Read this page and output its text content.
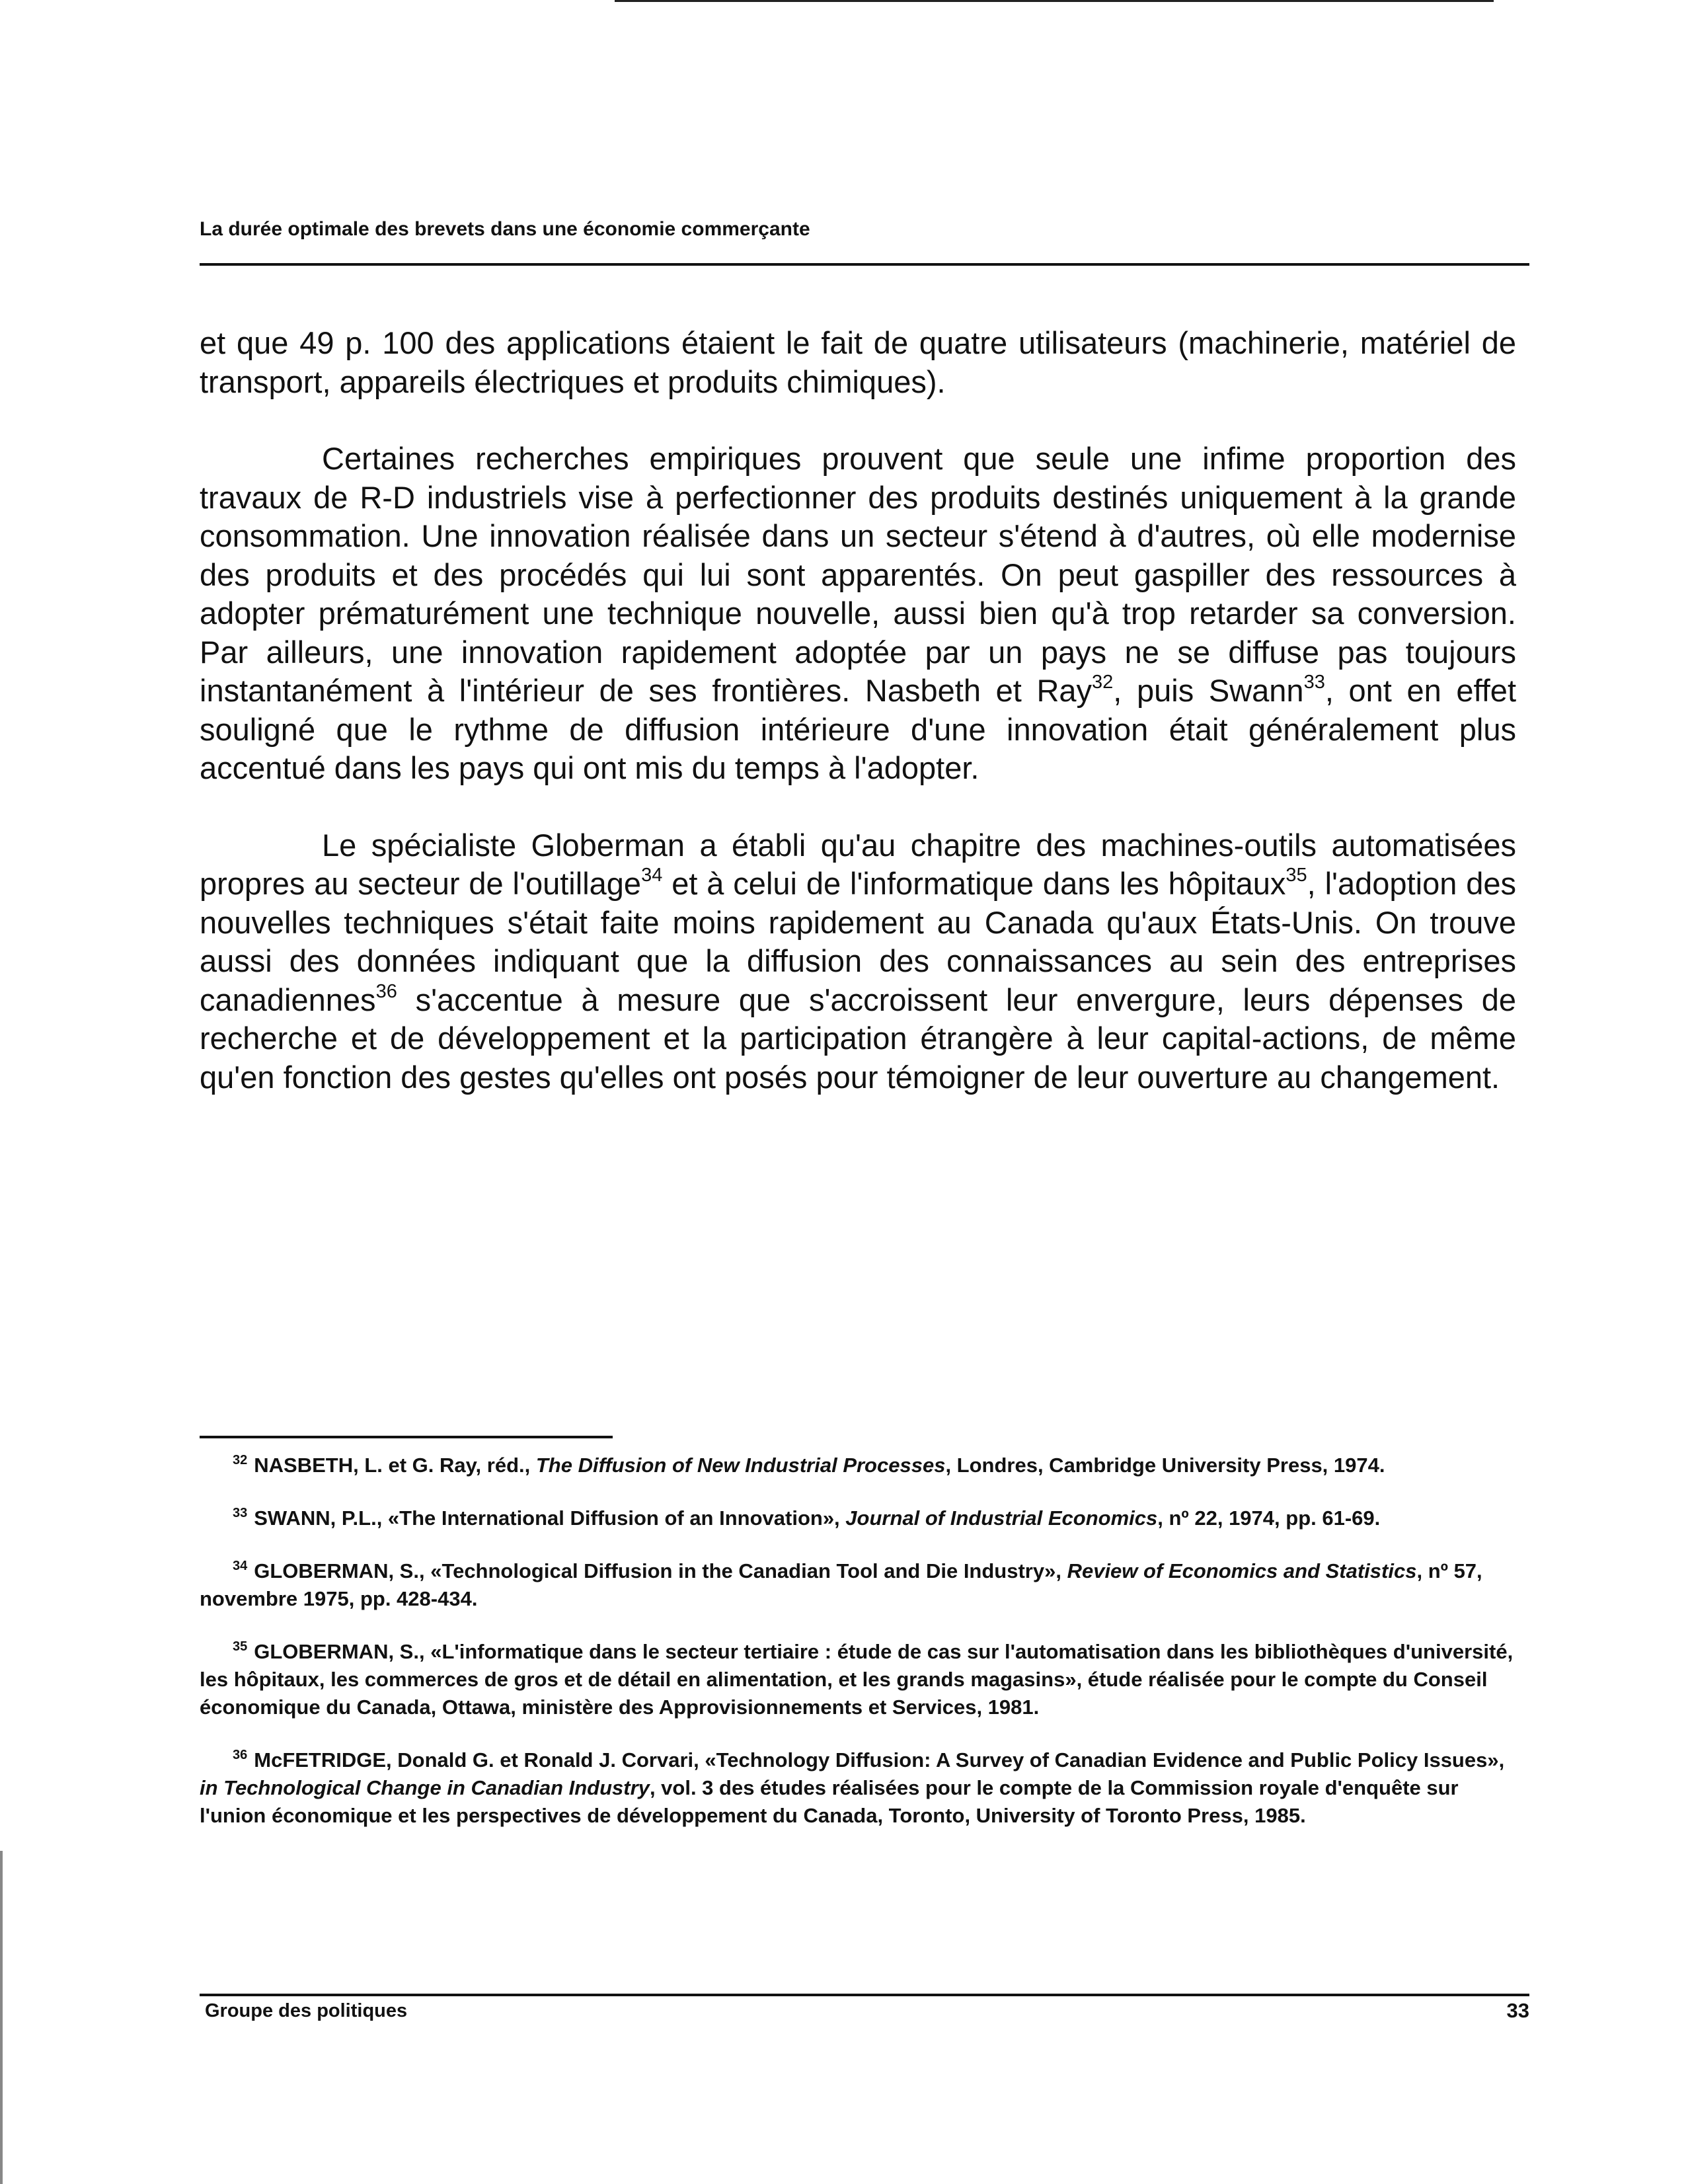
La durée optimale des brevets dans une économie commerçante

et que 49 p. 100 des applications étaient le fait de quatre utilisateurs (machinerie, matériel de transport, appareils électriques et produits chimiques).

Certaines recherches empiriques prouvent que seule une infime proportion des travaux de R-D industriels vise à perfectionner des produits destinés uniquement à la grande consommation. Une innovation réalisée dans un secteur s'étend à d'autres, où elle modernise des produits et des procédés qui lui sont apparentés. On peut gaspiller des ressources à adopter prématurément une technique nouvelle, aussi bien qu'à trop retarder sa conversion. Par ailleurs, une innovation rapidement adoptée par un pays ne se diffuse pas toujours instantanément à l'intérieur de ses frontières. Nasbeth et Ray$^{32}$, puis Swann$^{33}$, ont en effet souligné que le rythme de diffusion intérieure d'une innovation était généralement plus accentué dans les pays qui ont mis du temps à l'adopter.

Le spécialiste Globerman a établi qu'au chapitre des machines-outils automatisées propres au secteur de l'outillage$^{34}$ et à celui de l'informatique dans les hôpitaux$^{35}$, l'adoption des nouvelles techniques s'était faite moins rapidement au Canada qu'aux États-Unis. On trouve aussi des données indiquant que la diffusion des connaissances au sein des entreprises canadiennes$^{36}$ s'accentue à mesure que s'accroissent leur envergure, leurs dépenses de recherche et de développement et la participation étrangère à leur capital-actions, de même qu'en fonction des gestes qu'elles ont posés pour témoigner de leur ouverture au changement.

$^{32}$ NASBETH, L. et G. Ray, réd., The Diffusion of New Industrial Processes, Londres, Cambridge University Press, 1974.
$^{33}$ SWANN, P.L., «The International Diffusion of an Innovation», Journal of Industrial Economics, nº 22, 1974, pp. 61-69.
$^{34}$ GLOBERMAN, S., «Technological Diffusion in the Canadian Tool and Die Industry», Review of Economics and Statistics, nº 57, novembre 1975, pp. 428-434.
$^{35}$ GLOBERMAN, S., «L'informatique dans le secteur tertiaire : étude de cas sur l'automatisation dans les bibliothèques d'université, les hôpitaux, les commerces de gros et de détail en alimentation, et les grands magasins», étude réalisée pour le compte du Conseil économique du Canada, Ottawa, ministère des Approvisionnements et Services, 1981.
$^{36}$ McFETRIDGE, Donald G. et Ronald J. Corvari, «Technology Diffusion: A Survey of Canadian Evidence and Public Policy Issues», in Technological Change in Canadian Industry, vol. 3 des études réalisées pour le compte de la Commission royale d'enquête sur l'union économique et les perspectives de développement du Canada, Toronto, University of Toronto Press, 1985.
Groupe des politiques	33
